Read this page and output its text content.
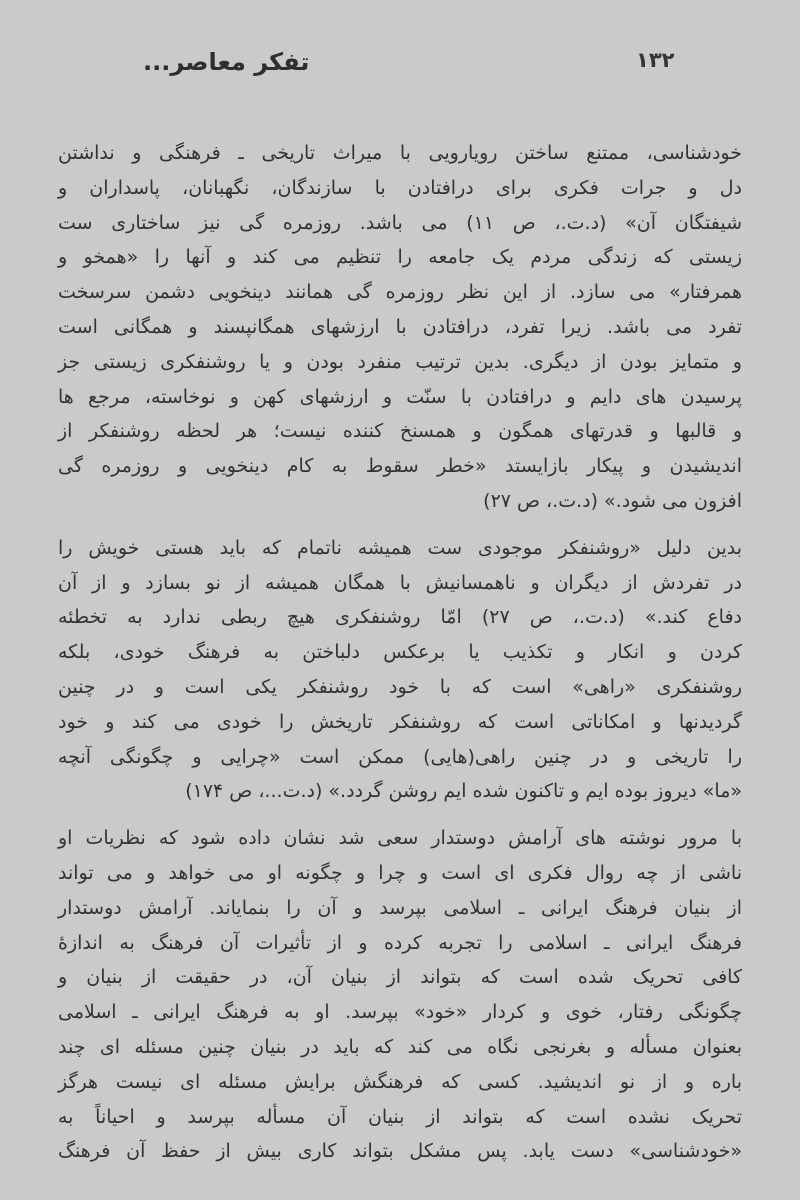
تفكر معاصر...	۱۳۲
خودشناسی، ممتنع ساختن رویارویی با میراث تاریخی ـ فرهنگی و نداشتن
دل و جرات فکری برای درافتادن با سازندگان، نگهبانان، پاسداران و
شیفتگان آن» (د.ت.، ص ۱۱) می باشد. روزمره گی نیز ساختاری ست
زیستی که زندگی مردم یک جامعه را تنظیم می کند و آنها را «همخو و
همرفتار» می سازد. از این نظر روزمره گی همانند دینخویی دشمن سرسخت
تفرد می باشد. زیرا تفرد، درافتادن با ارزشهای همگانپسند و همگانی است
و متمایز بودن از دیگری. بدین ترتیب منفرد بودن و یا روشنفکری زیستی جز
پرسیدن های دایم و درافتادن با سنّت و ارزشهای کهن و نوخاسته، مرجع ها
و قالبها و قدرتهای همگون و همسنخ کننده نیست؛ هر لحظه روشنفکر از
اندیشیدن و پیکار بازایستد «خطر سقوط به کام دینخویی و روزمره گی
افزون می شود.» (د.ت.، ص ۲۷)
بدین دلیل «روشنفکر موجودی ست همیشه ناتمام که باید هستی خویش را
در تفردش از دیگران و ناهمسانیش با همگان همیشه از نو بسازد و از آن
دفاع کند.» (د.ت.، ص ۲۷) امّا روشنفکری هیچ ربطی ندارد به تخطئه
کردن و انکار و تکذیب یا برعکس دلباختن به فرهنگ خودی، بلکه
روشنفکری «راهی» است که با خود روشنفکر یکی است و در چنین
گردیدنها و امکاناتی است که روشنفکر تاریخش را خودی می کند و خود
را تاریخی و در چنین راهی(هایی) ممکن است «چرایی و چگونگی آنچه
«ما» دیروز بوده ایم و تاکنون شده ایم روشن گردد.» (د.ت...، ص ۱۷۴)
با مرور نوشته های آرامش دوستدار سعی شد نشان داده شود که نظریات او
ناشی از چه روال فکری ای است و چرا و چگونه او می خواهد و می تواند
از بنیان فرهنگ ایرانی ـ اسلامی بپرسد و آن را بنمایاند. آرامش دوستدار
فرهنگ ایرانی ـ اسلامی را تجربه کرده و از تأثیرات آن فرهنگ به اندازهٔ
کافی تحریک شده است که بتواند از بنیان آن، در حقیقت از بنیان و
چگونگی رفتار، خوی و کردار «خود» بپرسد. او به فرهنگ ایرانی ـ اسلامی
بعنوان مسأله و بغرنجی نگاه می کند که باید در بنیان چنین مسئله ای چند
باره و از نو اندیشید. کسی که فرهنگش برایش مسئله ای نیست هرگز
تحریک نشده است که بتواند از بنیان آن مسأله بپرسد و احیاناً به
«خودشناسی» دست یابد. پس مشکل بتواند کاری بیش از حفظ آن فرهنگ
